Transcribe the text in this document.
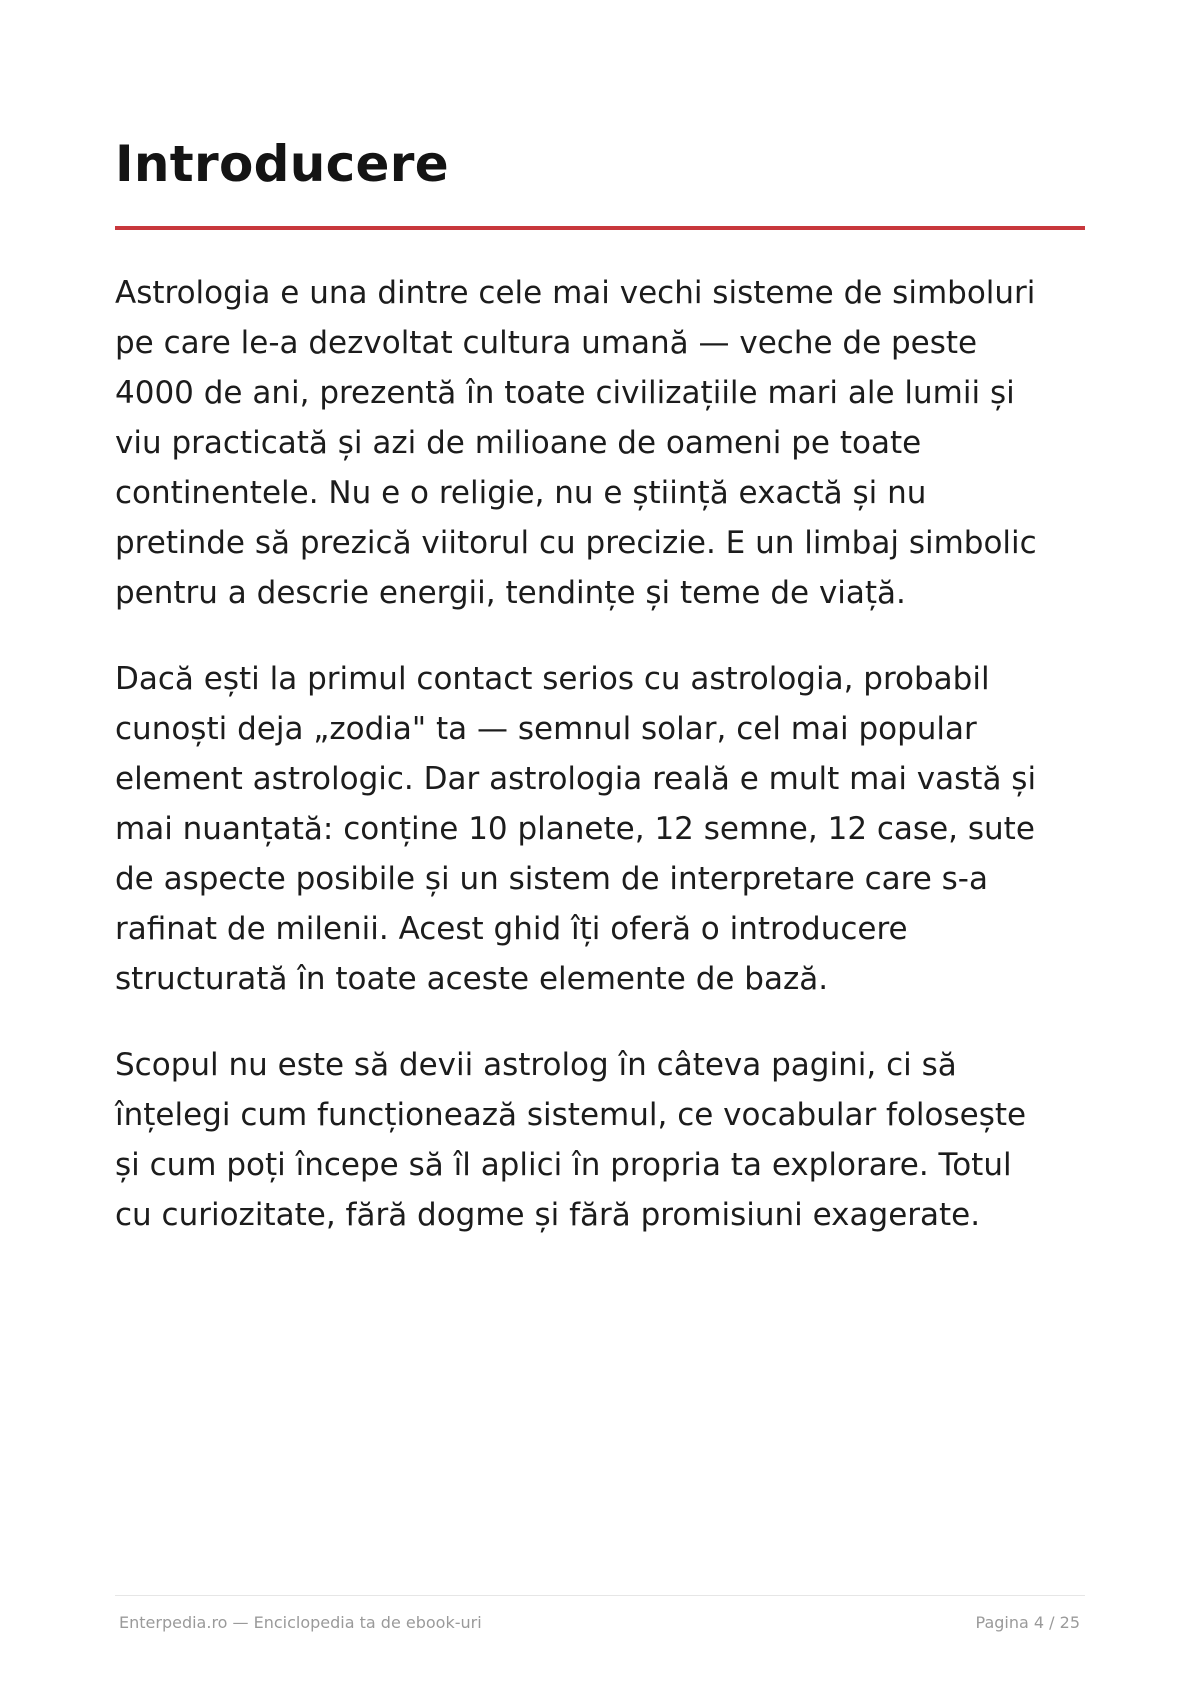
Introducere

Astrologia e una dintre cele mai vechi sisteme de simboluri
pe care le-a dezvoltat cultura umană — veche de peste
4000 de ani, prezentă în toate civilizațiile mari ale lumii și
viu practicată și azi de milioane de oameni pe toate
continentele. Nu e o religie, nu e știință exactă și nu
pretinde să prezică viitorul cu precizie. E un limbaj simbolic
pentru a descrie energii, tendințe și teme de viață.

Dacă ești la primul contact serios cu astrologia, probabil
cunoști deja „zodia" ta — semnul solar, cel mai popular
element astrologic. Dar astrologia reală e mult mai vastă și
mai nuanțată: conține 10 planete, 12 semne, 12 case, sute
de aspecte posibile și un sistem de interpretare care s-a
rafinat de milenii. Acest ghid îți oferă o introducere
structurată în toate aceste elemente de bază.

Scopul nu este să devii astrolog în câteva pagini, ci să
înțelegi cum funcționează sistemul, ce vocabular folosește
și cum poți începe să îl aplici în propria ta explorare. Totul
cu curiozitate, fără dogme și fără promisiuni exagerate.

Enterpedia.ro — Enciclopedia ta de ebook-uri	Pagina 4 / 25
